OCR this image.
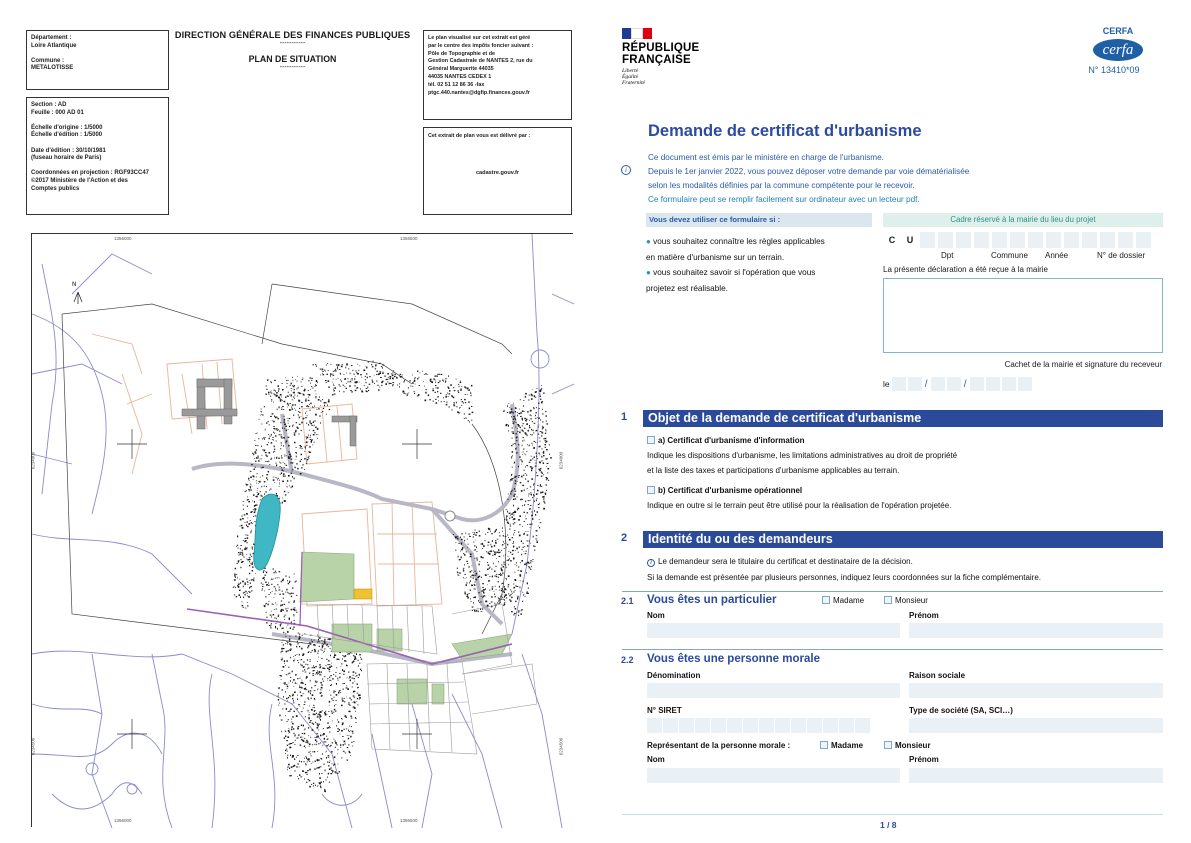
Département :
Loire Atlantique

Commune :
METALOTISSE
Section : AD
Feuille : 000 AD 01

Échelle d'origine : 1/5000
Échelle d'édition : 1/5000

Date d'édition : 30/10/1981
(fuseau horaire de Paris)

Coordonnées en projection : RGF93CC47
©2017 Ministère de l'Action et des
Comptes publics
DIRECTION GÉNÉRALE DES FINANCES PUBLIQUES
-----------
PLAN DE SITUATION
-----------
Le plan visualisé sur cet extrait est géré
par le centre des impôts foncier suivant :
Pôle de Topographie et de
Gestion Cadastrale de NANTES 2, rue du
Général Marguerite 44035
44035 NANTES CEDEX 1
tél. 02 51 12 86 36 -fax
ptgc.440.nantes@dgfip.finances.gouv.fr
Cet extrait de plan vous est délivré par :
cadastre.gouv.fr
N
1356000	1356500
1356000	1356500
6234000
6234500
6234000
6234500
RÉPUBLIQUE
FRANÇAISE
Liberté
Égalité
Fraternité
CERFA
cerfa
N° 13410*09
Demande de certificat d'urbanisme
i
Ce document est émis par le ministère en charge de l'urbanisme.
Depuis le 1er janvier 2022, vous pouvez déposer votre demande par voie dématérialisée
selon les modalités définies par la commune compétente pour le recevoir.
Ce formulaire peut se remplir facilement sur ordinateur avec un lecteur pdf.
Vous devez utiliser ce formulaire si :
● vous souhaitez connaître les règles applicables
en matière d'urbanisme sur un terrain.
● vous souhaitez savoir si l'opération que vous
projetez est réalisable.
Cadre réservé à la mairie du lieu du projet
C	U
Dpt	Commune Année	N° de dossier
La présente déclaration a été reçue à la mairie
Cachet de la mairie et signature du receveur
le	/	/
1	Objet de la demande de certificat d'urbanisme
a) Certificat d'urbanisme d'information
Indique les dispositions d'urbanisme, les limitations administratives au droit de propriété
et la liste des taxes et participations d'urbanisme applicables au terrain.
b) Certificat d'urbanisme opérationnel
Indique en outre si le terrain peut être utilisé pour la réalisation de l'opération projetée.
2	Identité du ou des demandeurs
i Le demandeur sera le titulaire du certificat et destinataire de la décision.
Si la demande est présentée par plusieurs personnes, indiquez leurs coordonnées sur la fiche complémentaire.
2.1 Vous êtes un particulier	Madame	Monsieur
Nom	Prénom
2.2 Vous êtes une personne morale
Dénomination	Raison sociale
N° SIRET	Type de société (SA, SCI…)
Représentant de la personne morale :	Madame	Monsieur
Nom	Prénom
1 / 8
